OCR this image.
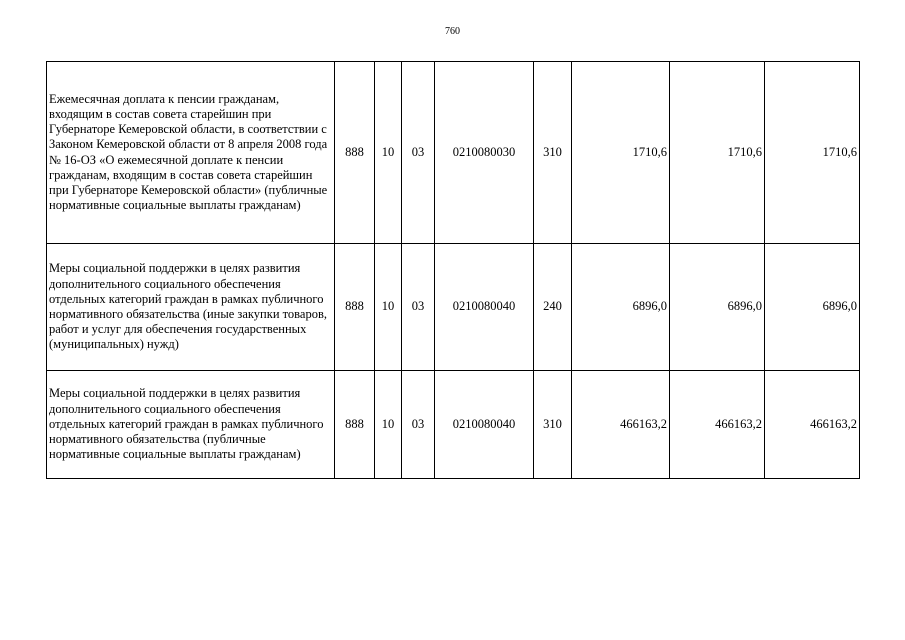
760
Ежемесячная доплата к пенсии гражданам, входящим в состав совета старейшин при Губернаторе Кемеровской области, в соответствии с Законом Кемеровской области от 8 апреля 2008 года № 16-ОЗ «О ежемесячной доплате к пенсии гражданам, входящим в состав совета старейшин при Губернаторе Кемеровской области» (публичные нормативные социальные выплаты гражданам)	888	10	03	0210080030	310	1710,6	1710,6	1710,6
Меры социальной поддержки в целях развития дополнительного социального обеспечения отдельных категорий граждан в рамках публичного нормативного обязательства (иные закупки товаров, работ и услуг для обеспечения государственных (муниципальных) нужд)	888	10	03	0210080040	240	6896,0	6896,0	6896,0
Меры социальной поддержки в целях развития дополнительного социального обеспечения отдельных категорий граждан в рамках публичного нормативного обязательства (публичные нормативные социальные выплаты гражданам)	888	10	03	0210080040	310	466163,2	466163,2	466163,2
